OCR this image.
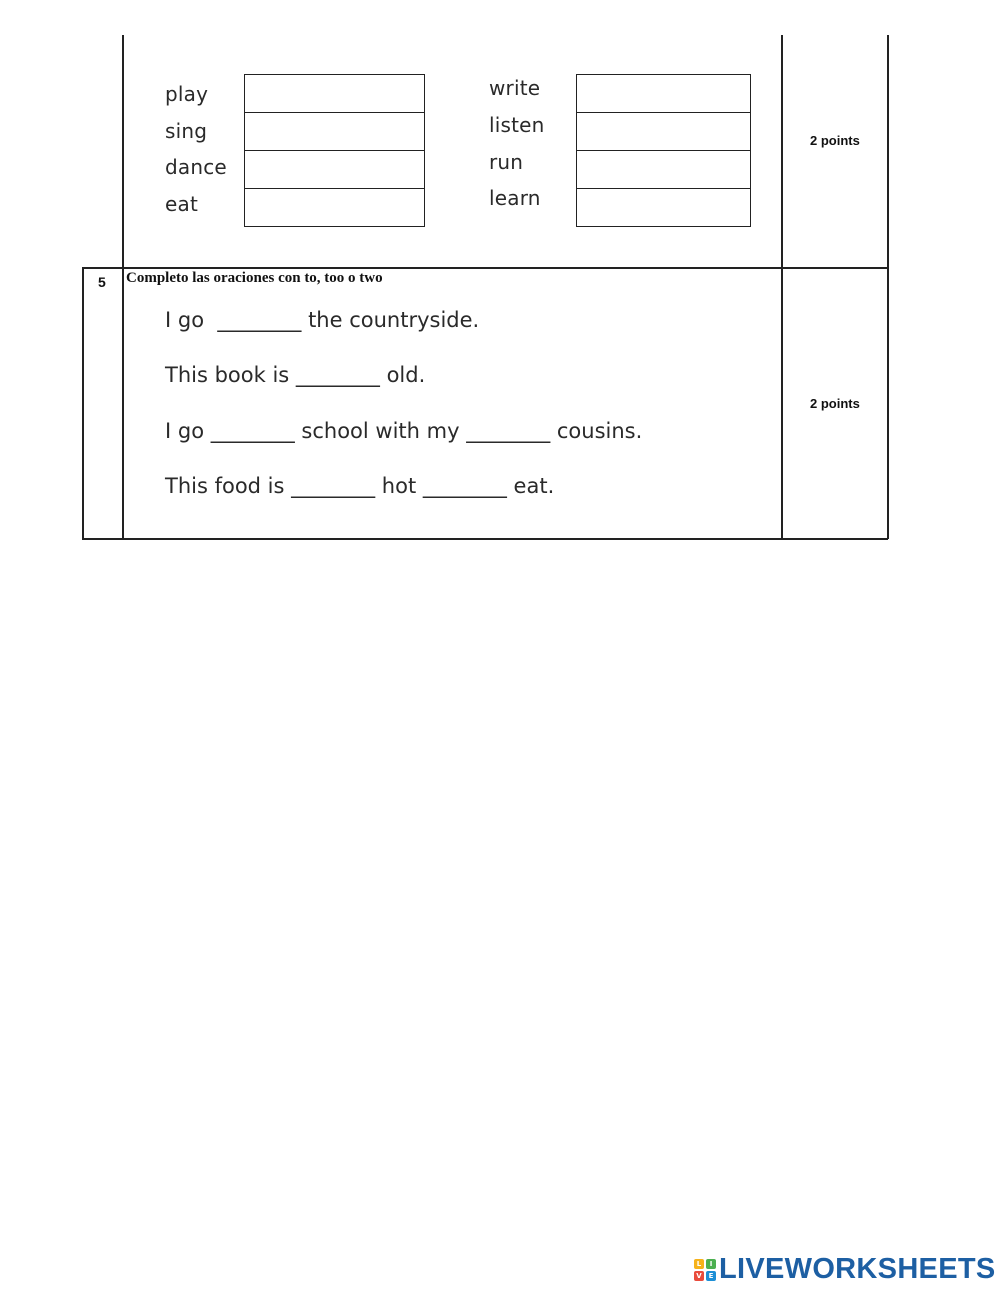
play
sing
dance
eat
write
listen
run
learn
2 points
5 Completo las oraciones con to, too o two
I go  ________ the countryside.
This book is ________ old.
I go ________ school with my ________ cousins.
This food is ________ hot ________ eat.
2 points
L	I
V E LIVEWORKSHEETS
